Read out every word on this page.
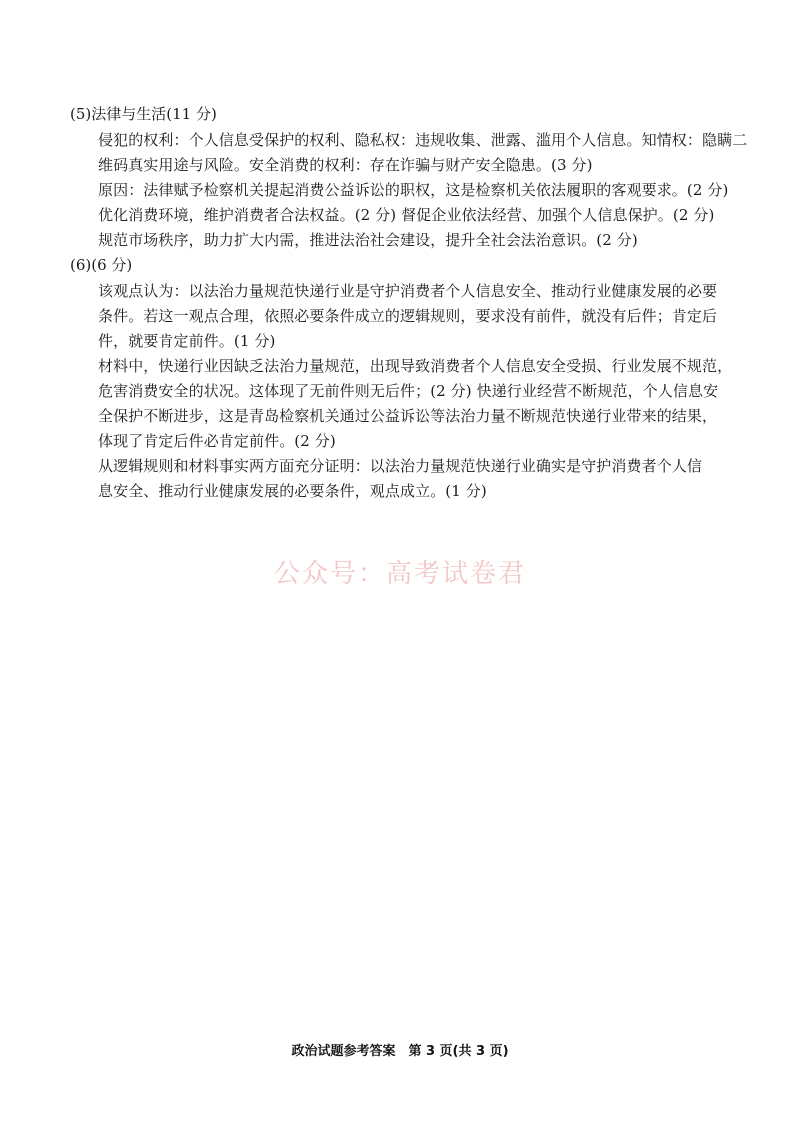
(5)法律与生活(11 分)
侵犯的权利：个人信息受保护的权利、隐私权：违规收集、泄露、滥用个人信息。知情权：隐瞒二
维码真实用途与风险。安全消费的权利：存在诈骗与财产安全隐患。(3 分)
原因：法律赋予检察机关提起消费公益诉讼的职权，这是检察机关依法履职的客观要求。(2 分)
优化消费环境，维护消费者合法权益。(2 分) 督促企业依法经营、加强个人信息保护。(2 分)
规范市场秩序，助力扩大内需，推进法治社会建设，提升全社会法治意识。(2 分)
(6)(6 分)
该观点认为：以法治力量规范快递行业是守护消费者个人信息安全、推动行业健康发展的必要
条件。若这一观点合理，依照必要条件成立的逻辑规则，要求没有前件，就没有后件；肯定后
件，就要肯定前件。(1 分)
材料中，快递行业因缺乏法治力量规范，出现导致消费者个人信息安全受损、行业发展不规范，
危害消费安全的状况。这体现了无前件则无后件；(2 分) 快递行业经营不断规范，个人信息安
全保护不断进步，这是青岛检察机关通过公益诉讼等法治力量不断规范快递行业带来的结果，
体现了肯定后件必肯定前件。(2 分)
从逻辑规则和材料事实两方面充分证明：以法治力量规范快递行业确实是守护消费者个人信
息安全、推动行业健康发展的必要条件，观点成立。(1 分)
公众号：高考试卷君
政治试题参考答案　第 3 页(共 3 页)
